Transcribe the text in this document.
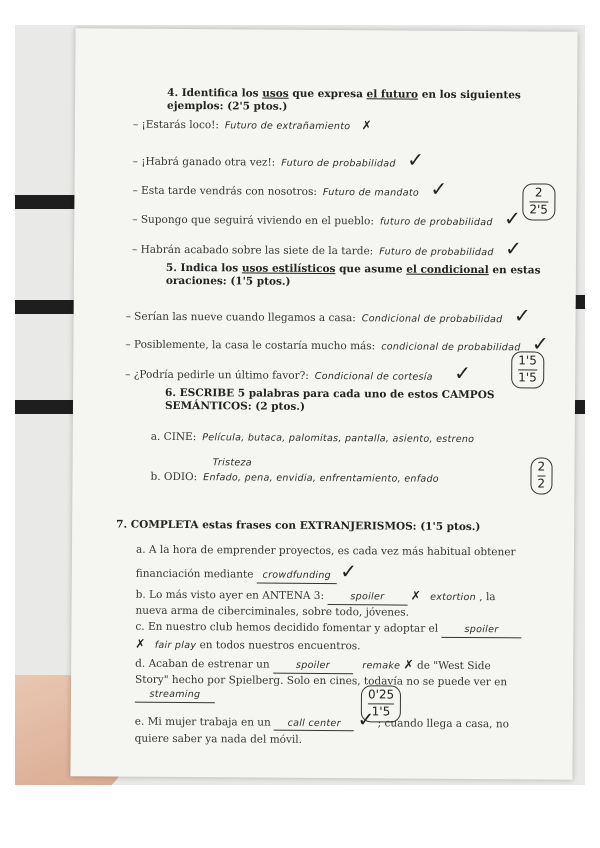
4. Identifica los usos que expresa el futuro en los siguientes ejemplos: (2'5 ptos.)
– ¡Estarás loco!: Futuro de extrañamiento ✗
– ¡Habrá ganado otra vez!: Futuro de probabilidad ✓
– Esta tarde vendrás con nosotros: Futuro de mandato ✓
– Supongo que seguirá viviendo en el pueblo: futuro de probabilidad ✓
– Habrán acabado sobre las siete de la tarde: Futuro de probabilidad ✓
2
2'5
5. Indica los usos estilísticos que asume el condicional en estas oraciones: (1'5 ptos.)
– Serían las nueve cuando llegamos a casa: Condicional de probabilidad ✓
– Posiblemente, la casa le costaría mucho más: condicional de probabilidad ✓
– ¿Podría pedirle un último favor?: Condicional de cortesía ✓
1'5
1'5
6. ESCRIBE 5 palabras para cada uno de estos CAMPOS SEMÁNTICOS: (2 ptos.)
a. CINE: Película, butaca, palomitas, pantalla, asiento, estreno
Tristeza
b. ODIO: Enfado, pena, envidia, enfrentamiento, enfado
2
2
7. COMPLETA estas frases con EXTRANJERISMOS: (1'5 ptos.)
a. A la hora de emprender proyectos, es cada vez más habitual obtener financiación mediante crowdfunding ✓
b. Lo más visto ayer en ANTENA 3:	spoiler ✗ extortion , la nueva arma de ciberciminales, sobre todo, jóvenes.
c. En nuestro club hemos decidido fomentar y adoptar el	spoiler ✗ fair play en todos nuestros encuentros.
d. Acaban de estrenar un	spoiler	remake ✗ de "West Side Story" hecho por Spielberg. Solo en cines, todavía no se puede ver en streaming
e. Mi mujer trabaja en un call center ✓ ; cuando llega a casa, no quiere saber ya nada del móvil.
0'25
1'5
